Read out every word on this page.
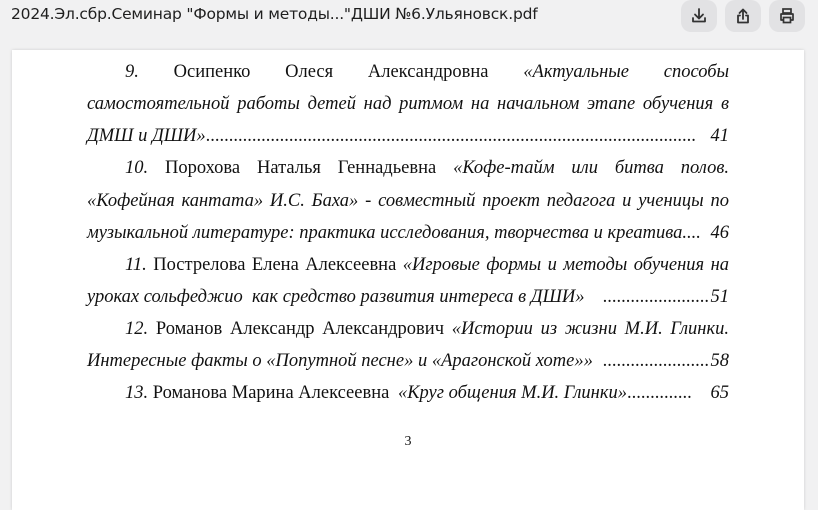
2024.Эл.сбр.Семинар "Формы и методы..."ДШИ №6.Ульяновск.pdf
9. Осипенко Олеся Александровна «Актуальные способы
самостоятельной работы детей над ритмом на начальном этапе обучения в
ДМШ и ДШИ».......................................................................................................... 41
10. Порохова Наталья Геннадьевна «Кофе-тайм или битва полов.
«Кофейная кантата» И.С. Баха» - совместный проект педагога и ученицы по
музыкальной литературе: практика исследования, творчества и креатива.... 46
11. Пострелова Елена Алексеевна «Игровые формы и методы обучения на
уроках сольфеджио  как средство развития интереса в ДШИ» ....................... 51
12. Романов Александр Александрович «Истории из жизни М.И. Глинки.
Интересные факты о «Попутной песне» и «Арагонской хоте»» ....................... 58
13. Романова Марина Алексеевна «Круг общения М.И. Глинки».............. 65
3
